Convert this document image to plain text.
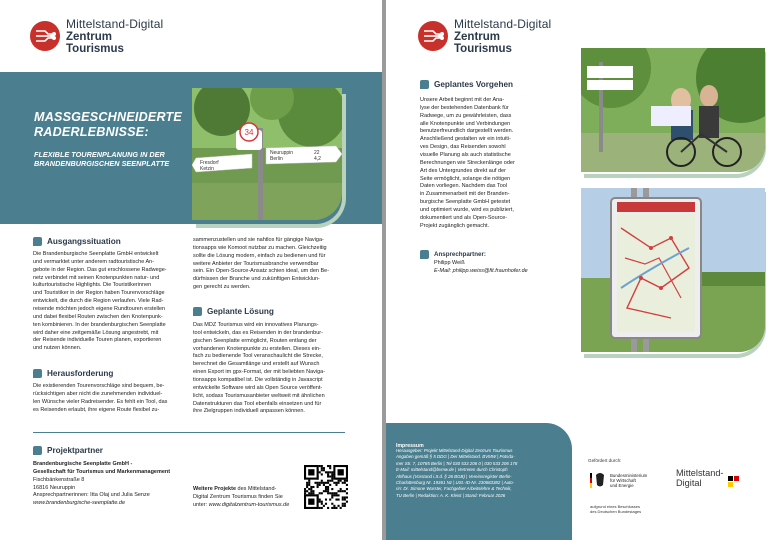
Mittelstand-Digital
Zentrum
Tourismus
MASSGESCHNEIDERTE RADERLEBNISSE:
FLEXIBLE TOURENPLANUNG IN DER BRANDENBURGISCHEN SEENPLATTE
34
Fresdorf
Ketzin
Neuruppin	22
Berlin	4,2
Ausgangssituation
Die Brandenburgische Seenplatte GmbH entwickelt
und vermarktet unter anderem radtouristische An-
gebote in der Region. Das gut erschlossene Radwege-
netz verbindet mit seinen Knotenpunkten natur- und
kulturtouristische Highlights. Die Touristikerinnen
und Touristiker in der Region haben Tourenvorschläge
entwickelt, die durch die Region verlaufen. Viele Rad-
reisende möchten jedoch eigene Rundtouren erstellen
und dabei flexibel Routen zwischen den Knotenpunk-
ten kombinieren. In der brandenburgischen Seenplatte
wird daher eine zeitgemäße Lösung angestrebt, mit
der Reisende individuelle Touren planen, exportieren
und nutzen können.
Herausforderung
Die existierenden Tourenvorschläge sind bequem, be-
rücksichtigen aber nicht die zunehmenden individuel-
len Wünsche vieler Radreisender. Es fehlt ein Tool, das
es Reisenden erlaubt, ihre eigene Route flexibel zu-
sammenzustellen und sie nahtlos für gängige Naviga-
tionsapps wie Komoot nutzbar zu machen. Gleichzeitig
sollte die Lösung modern, einfach zu bedienen und für
weitere Anbieter der Tourismusbranche verwendbar
sein. Ein Open-Source-Ansatz schien ideal, um den Be-
dürfnissen der Branche und zukünftigen Entwicklun-
gen gerecht zu werden.
Geplante Lösung
Das MDZ Tourismus wird ein innovatives Planungs-
tool entwickeln, das es Reisenden in der brandenbur-
gischen Seenplatte ermöglicht, Routen entlang der
vorhandenen Knotenpunkte zu erstellen. Dieses ein-
fach zu bedienende Tool veranschaulicht die Strecke,
berechnet die Gesamtlänge und erstellt auf Wunsch
einen Export im gpx-Format, der mit beliebten Naviga-
tionsapps kompatibel ist. Die vollständig in Javascript
entwickelte Software wird als Open Source veröffent-
licht, sodass Tourismusanbieter weltweit mit ähnlichen
Datenstrukturen das Tool ebenfalls einsetzen und für
ihre Zielgruppen individuell anpassen können.
Projektpartner
Brandenburgische Seenplatte GmbH -
Gesellschaft für Tourismus und Markenmanagement
Fischbänkenstraße 8
16816 Neuruppin
Ansprechpartnerinnen: Itta Olaj und Julia Senze
www.brandenburgische-seenplatte.de
Weitere Projekte des Mittelstand-
Digital Zentrum Tourismus finden Sie
unter: www.digitalzentrum-tourismus.de
Mittelstand-Digital
Zentrum
Tourismus
Geplantes Vorgehen
Unsere Arbeit beginnt mit der Ana-
lyse der bestehenden Datenbank für
Radwege, um zu gewährleisten, dass
alle Knotenpunkte und Verbindungen
benutzerfreundlich dargestellt werden.
Anschließend gestalten wir ein intuiti-
ves Design, das Reisenden sowohl
visuelle Planung als auch statistische
Berechnungen wie Streckenlänge oder
Art des Untergrundes direkt auf der
Seite ermöglicht, solange die nötigen
Daten vorliegen. Nachdem das Tool
in Zusammenarbeit mit der Branden-
burgische Seenplatte GmbH getestet
und optimiert wurde, wird es publiziert,
dokumentiert und als Open-Source-
Projekt zugänglich gemacht.
Ansprechpartner:
Philipp Weiß
E-Mail: philipp.weiss@fit.fraunhofer.de
Impressum
Herausgeber: Projekt Mittelstand-Digital Zentrum Tourismus
Angaben gemäß § 5 DDG | Der Mittelstand. BVMW | Potsda-
mer Str. 7, 10785 Berlin | Tel 030 533 206 0 | 030 533 206 178
E-Mail: mittelstand@bvmw.de | Vertreten durch Christoph
Ahlhaus (Vorstand i.S.d. § 26 BGB) | Vereinsregister Berlin-
Charlottenburg Nr. 19361 Nz | USt.-ID-Nr. 230683382 | Auto-
rin: Dr. Simone Wurster, Fachgebiet Arbeitslehre & Technik,
TU Berlin | Redaktion: A. K. Kleist | Stand: Februar 2026
Gefördert durch:
Bundesministerium
für Wirtschaft
und Energie
aufgrund eines Beschlusses
des Deutschen Bundestages
Mittelstand-
Digital
